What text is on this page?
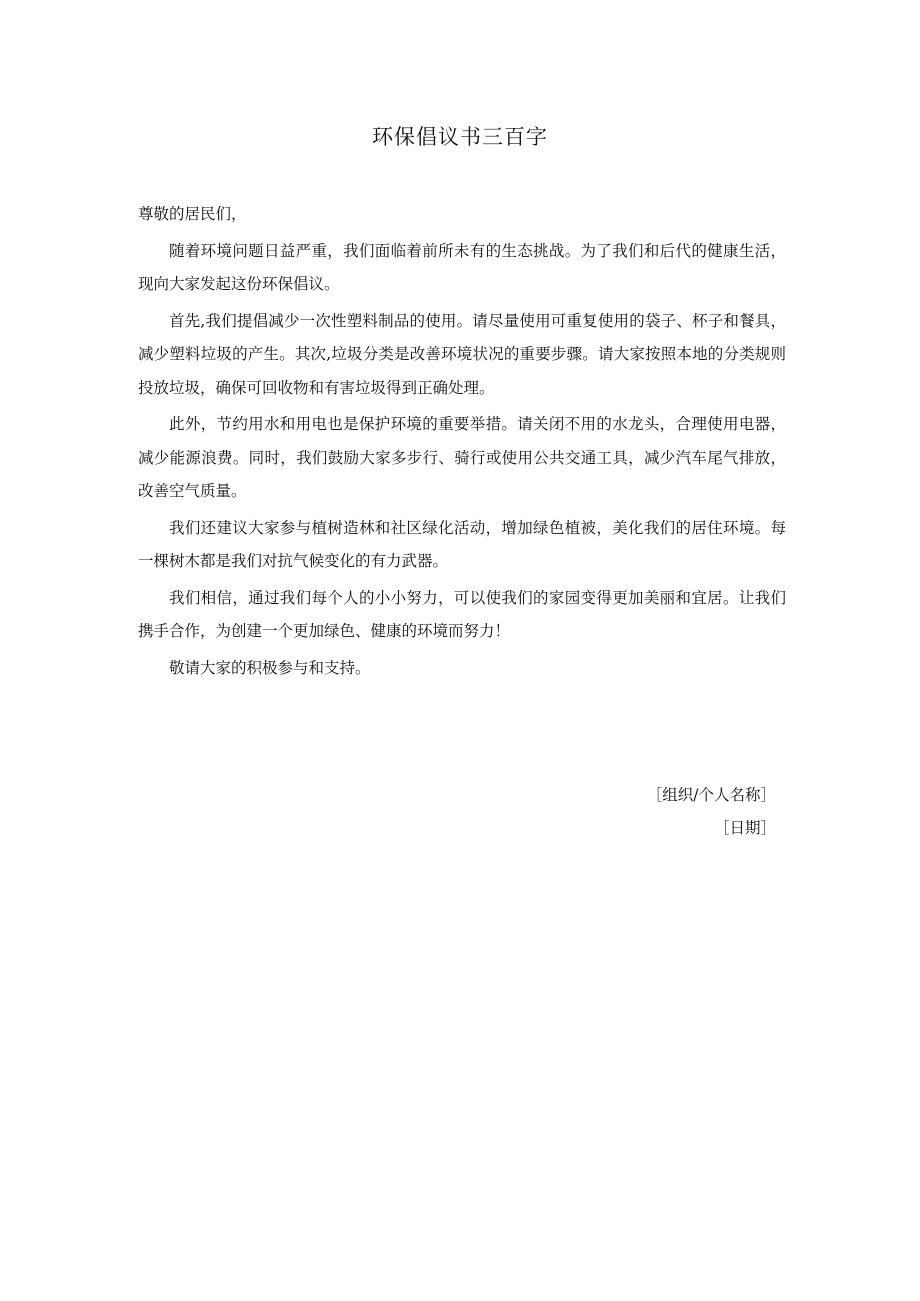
环保倡议书三百字

尊敬的居民们，

随着环境问题日益严重，我们面临着前所未有的生态挑战。为了我们和后代的健康生活，现向大家发起这份环保倡议。

首先,我们提倡减少一次性塑料制品的使用。请尽量使用可重复使用的袋子、杯子和餐具，减少塑料垃圾的产生。其次,垃圾分类是改善环境状况的重要步骤。请大家按照本地的分类规则投放垃圾，确保可回收物和有害垃圾得到正确处理。

此外，节约用水和用电也是保护环境的重要举措。请关闭不用的水龙头，合理使用电器，减少能源浪费。同时，我们鼓励大家多步行、骑行或使用公共交通工具，减少汽车尾气排放，改善空气质量。

我们还建议大家参与植树造林和社区绿化活动，增加绿色植被，美化我们的居住环境。每一棵树木都是我们对抗气候变化的有力武器。

我们相信，通过我们每个人的小小努力，可以使我们的家园变得更加美丽和宜居。让我们携手合作，为创建一个更加绿色、健康的环境而努力！

敬请大家的积极参与和支持。

［组织/个人名称］
［日期］
